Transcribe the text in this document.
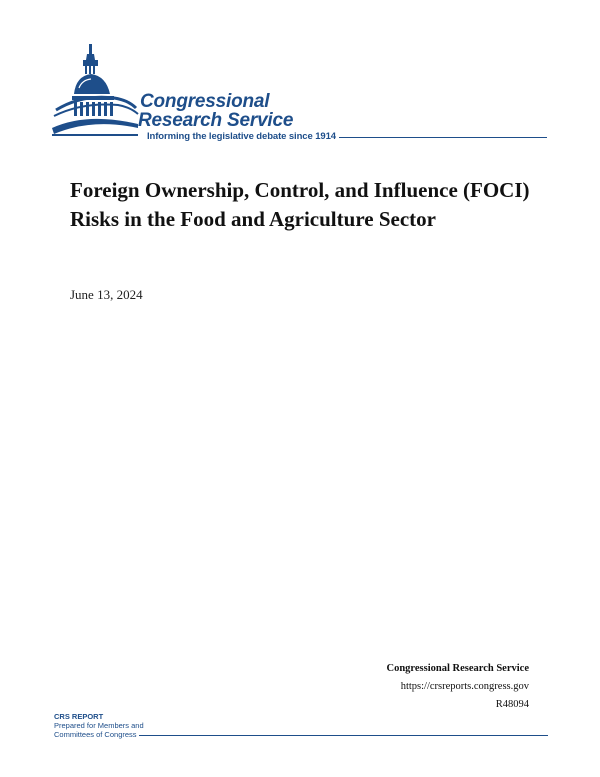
Congressional
Research Service
Informing the legislative debate since 1914
Foreign Ownership, Control, and Influence (FOCI) Risks in the Food and Agriculture Sector
June 13, 2024
Congressional Research Service
https://crsreports.congress.gov
R48094
CRS REPORT
Prepared for Members and
Committees of Congress
